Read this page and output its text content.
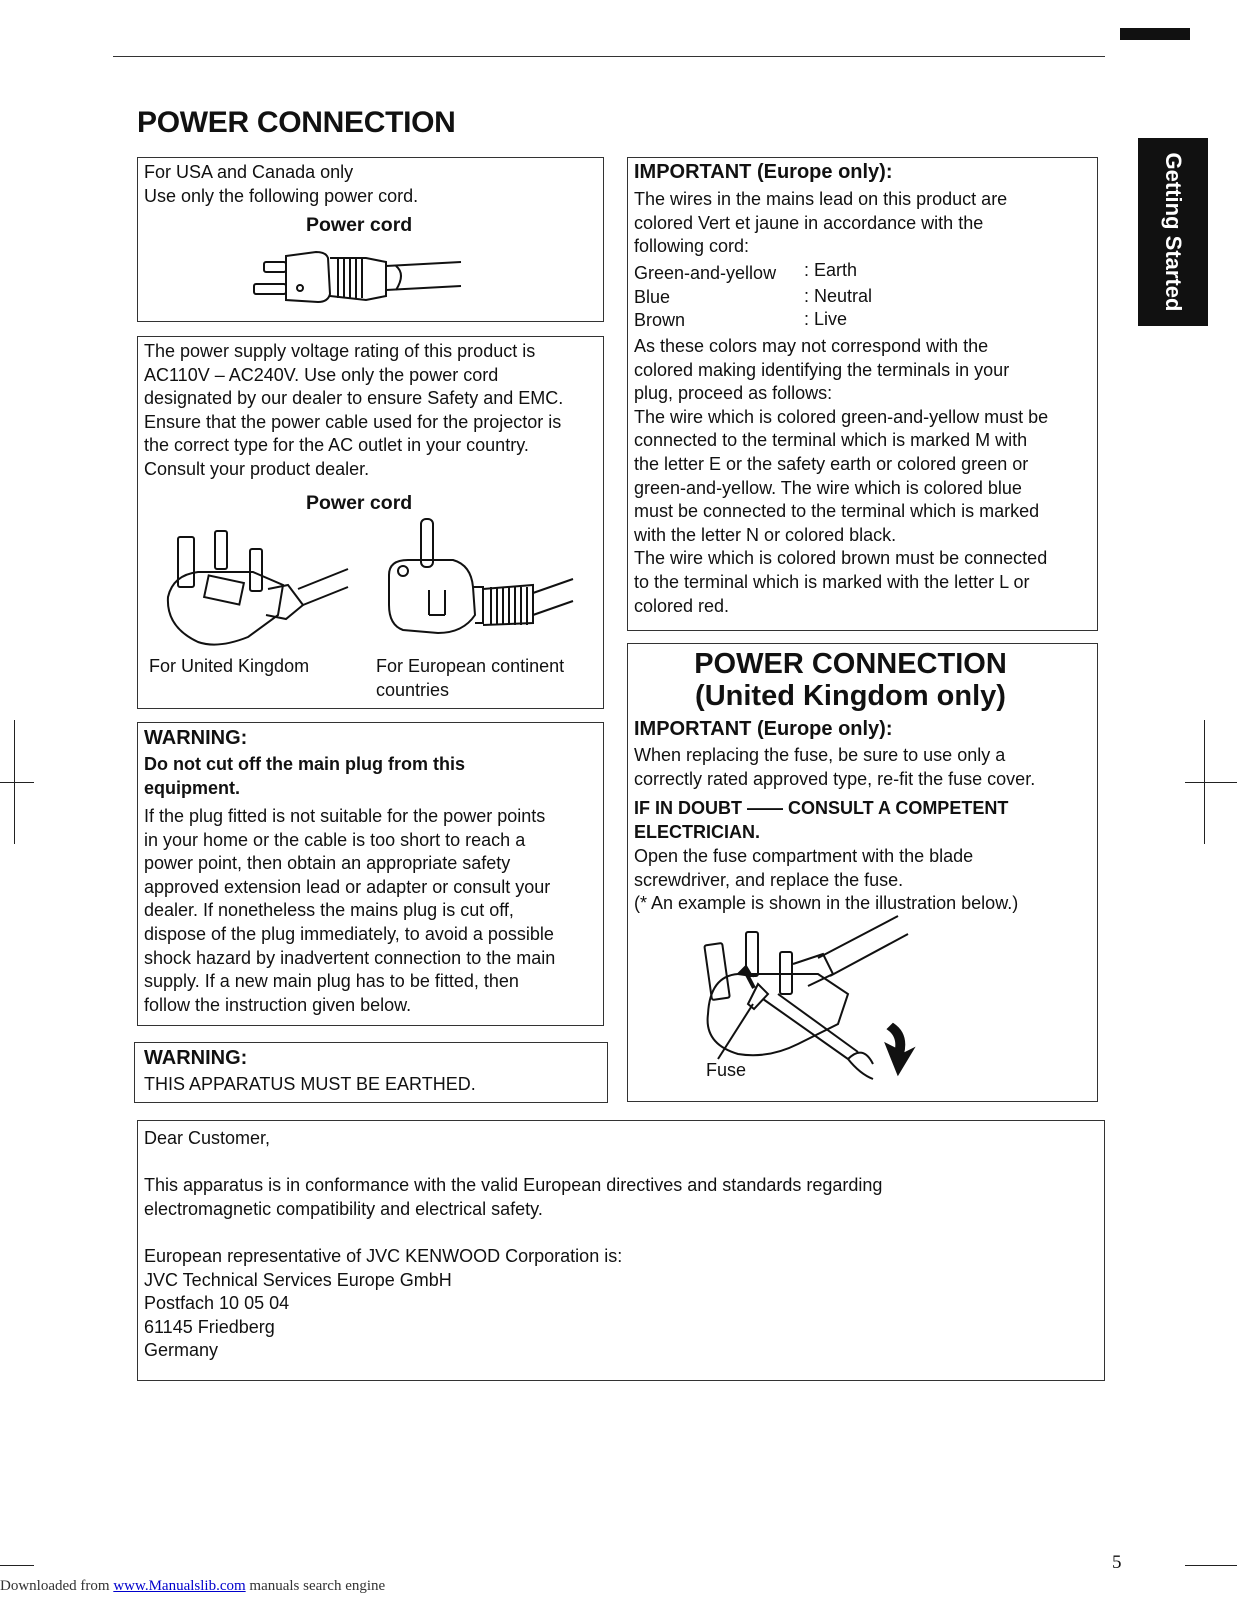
Getting Started
POWER CONNECTION
For USA and Canada only
Use only the following power cord.
Power cord
The power supply voltage rating of this product is
AC110V – AC240V. Use only the power cord
designated by our dealer to ensure Safety and EMC.
Ensure that the power cable used for the projector is
the correct type for the AC outlet in your country.
Consult your product dealer.
Power cord
For United Kingdom	For European continent
countries
WARNING:
Do not cut off the main plug from this
equipment.
If the plug fitted is not suitable for the power points
in your home or the cable is too short to reach a
power point, then obtain an appropriate safety
approved extension lead or adapter or consult your
dealer. If nonetheless the mains plug is cut off,
dispose of the plug immediately, to avoid a possible
shock hazard by inadvertent connection to the main
supply. If a new main plug has to be fitted, then
follow the instruction given below.
WARNING:
THIS APPARATUS MUST BE EARTHED.
IMPORTANT (Europe only):
The wires in the mains lead on this product are
colored Vert et jaune in accordance with the
following cord:
Green-and-yellow : Earth
Blue	: Neutral
Brown	: Live
As these colors may not correspond with the
colored making identifying the terminals in your
plug, proceed as follows:
The wire which is colored green-and-yellow must be
connected to the terminal which is marked M with
the letter E or the safety earth or colored green or
green-and-yellow. The wire which is colored blue
must be connected to the terminal which is marked
with the letter N or colored black.
The wire which is colored brown must be connected
to the terminal which is marked with the letter L or
colored red.
POWER CONNECTION
(United Kingdom only)
IMPORTANT (Europe only):
When replacing the fuse, be sure to use only a
correctly rated approved type, re-fit the fuse cover.
IF IN DOUBT —— CONSULT A COMPETENT
ELECTRICIAN.
Open the fuse compartment with the blade
screwdriver, and replace the fuse.
(* An example is shown in the illustration below.)
Fuse
Dear Customer,
This apparatus is in conformance with the valid European directives and standards regarding
electromagnetic compatibility and electrical safety.
European representative of JVC KENWOOD Corporation is:
JVC Technical Services Europe GmbH
Postfach 10 05 04
61145 Friedberg
Germany
5
Downloaded from www.Manualslib.com manuals search engine
